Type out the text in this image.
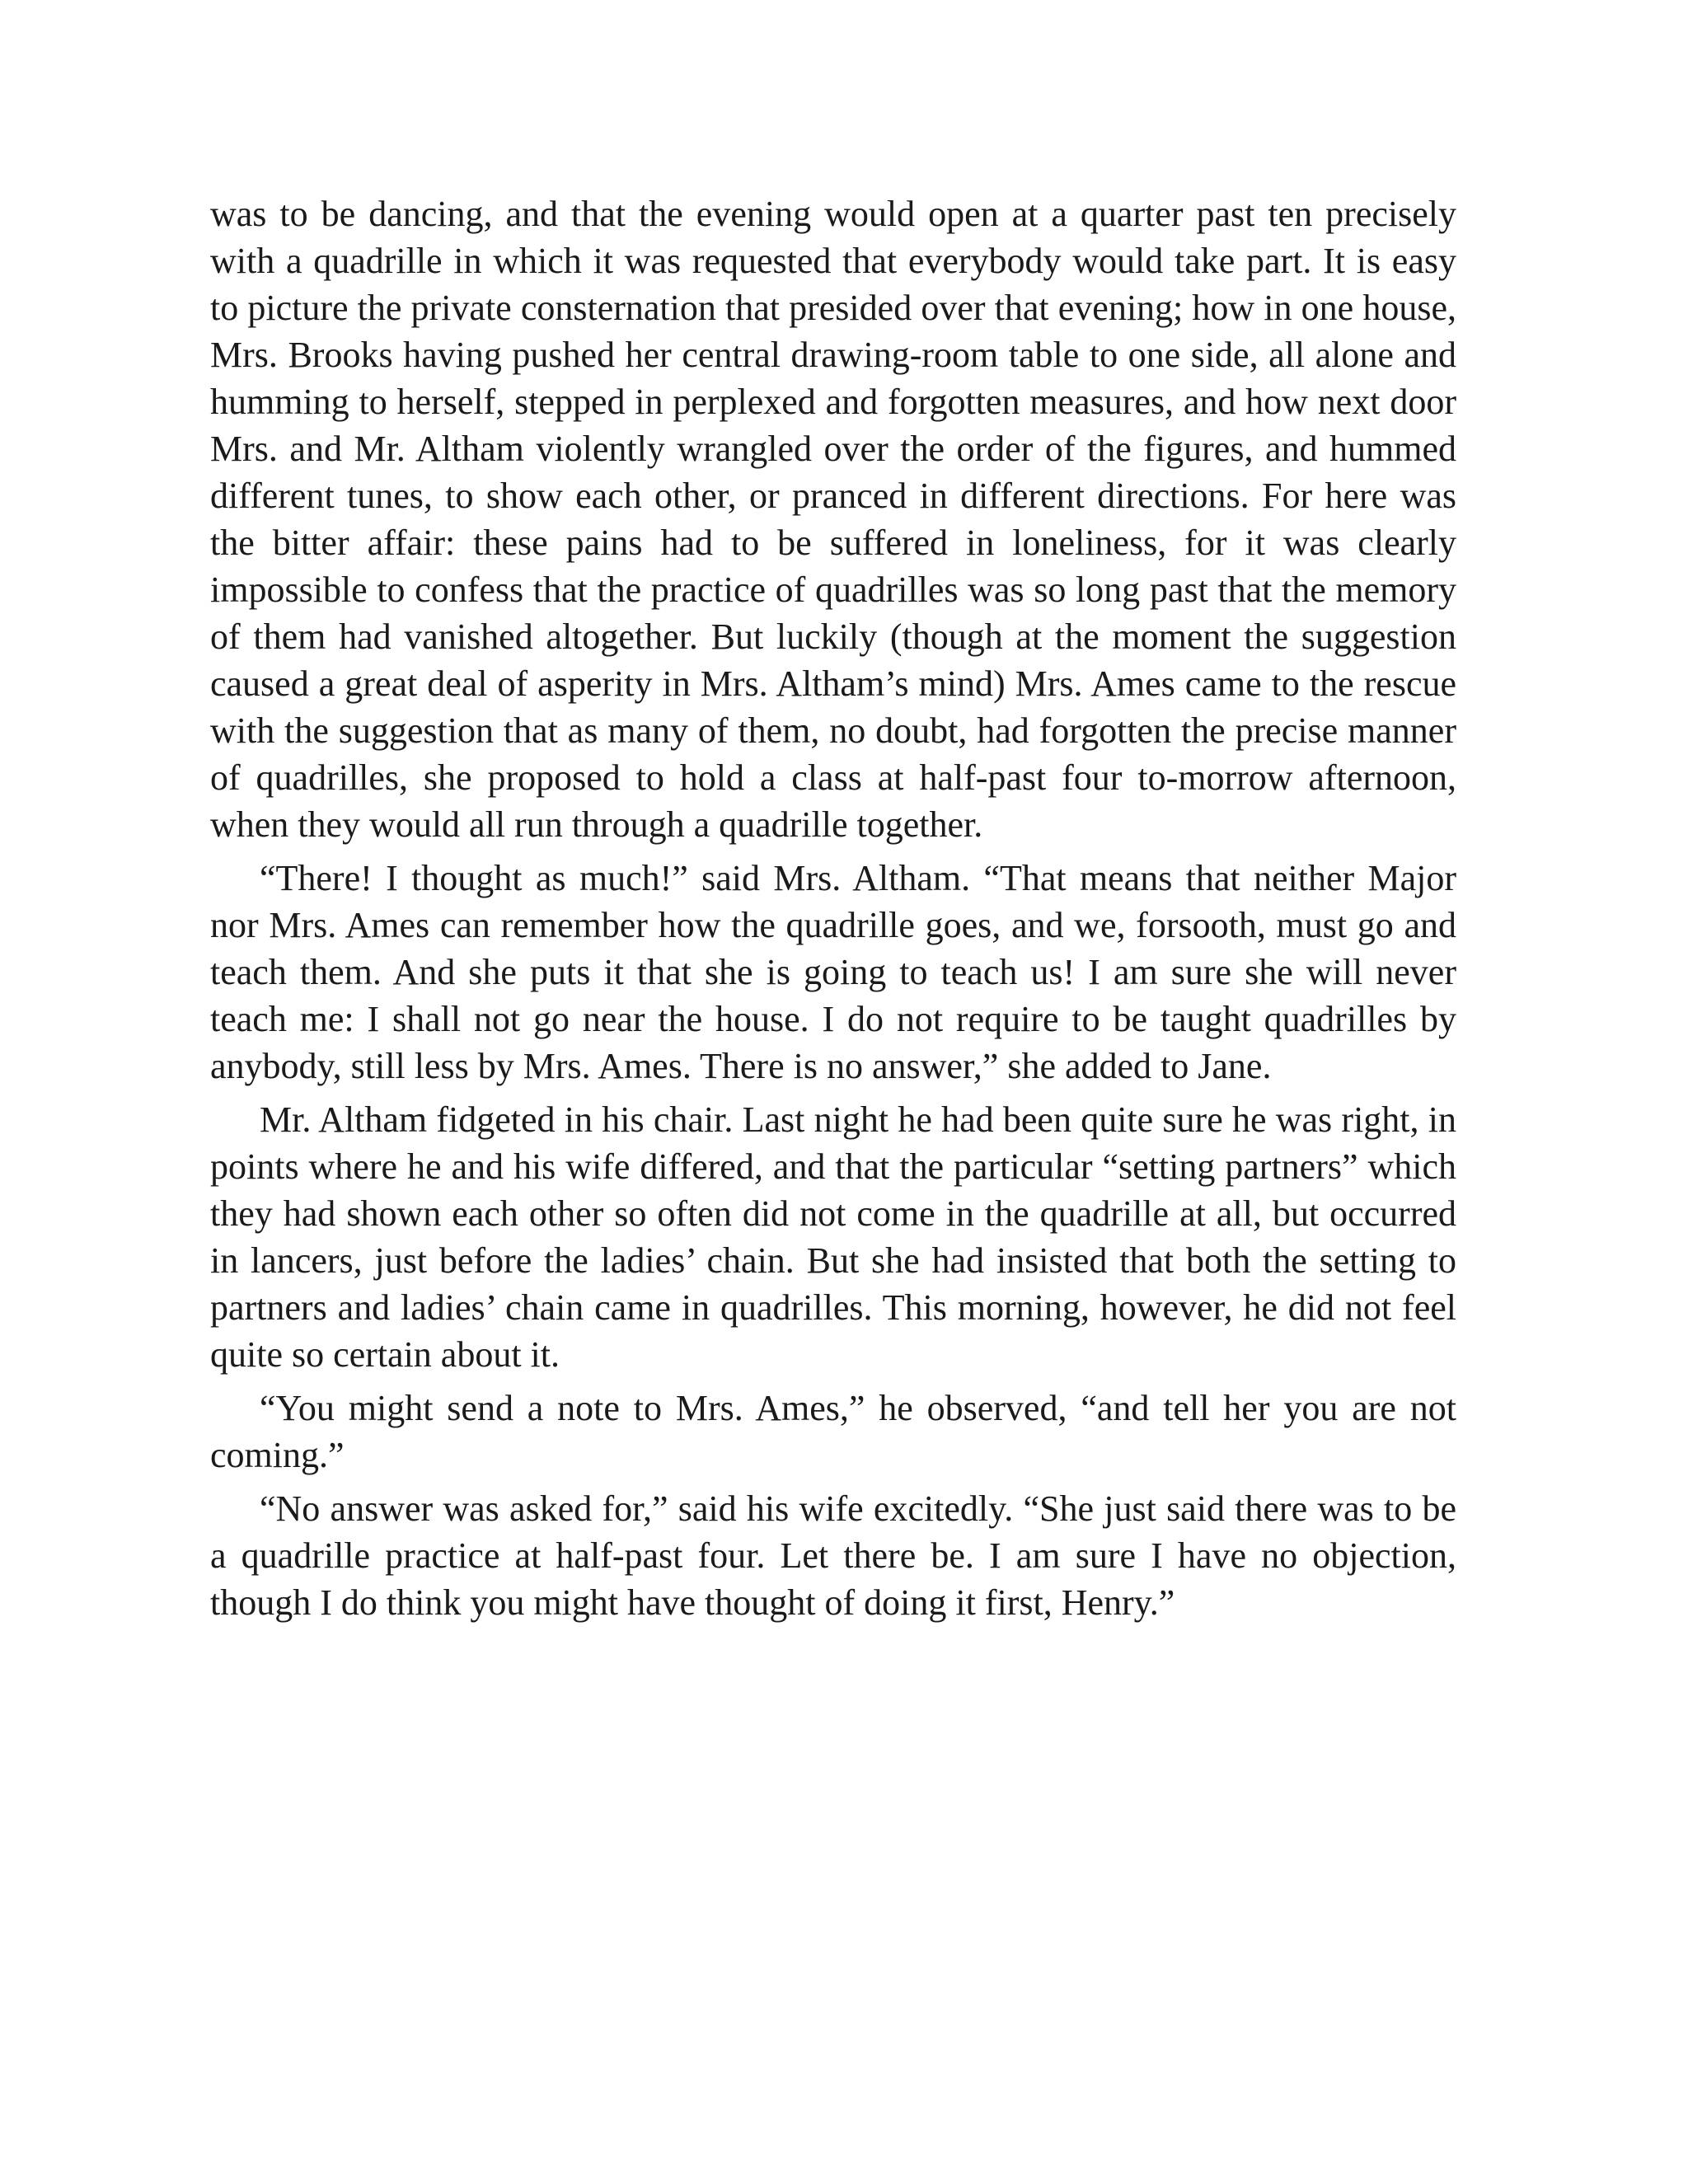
was to be dancing, and that the evening would open at a quarter past ten precisely with a quadrille in which it was requested that everybody would take part. It is easy to picture the private consternation that presided over that evening; how in one house, Mrs. Brooks having pushed her central drawing-room table to one side, all alone and humming to herself, stepped in perplexed and forgotten measures, and how next door Mrs. and Mr. Altham violently wrangled over the order of the figures, and hummed different tunes, to show each other, or pranced in different directions. For here was the bitter affair: these pains had to be suffered in loneliness, for it was clearly impossible to confess that the practice of quadrilles was so long past that the memory of them had vanished altogether. But luckily (though at the moment the suggestion caused a great deal of asperity in Mrs. Altham’s mind) Mrs. Ames came to the rescue with the suggestion that as many of them, no doubt, had forgotten the precise manner of quadrilles, she proposed to hold a class at half-past four to-morrow afternoon, when they would all run through a quadrille together.

“There! I thought as much!” said Mrs. Altham. “That means that neither Major nor Mrs. Ames can remember how the quadrille goes, and we, forsooth, must go and teach them. And she puts it that she is going to teach us! I am sure she will never teach me: I shall not go near the house. I do not require to be taught quadrilles by anybody, still less by Mrs. Ames. There is no answer,” she added to Jane.

Mr. Altham fidgeted in his chair. Last night he had been quite sure he was right, in points where he and his wife differed, and that the particular “setting partners” which they had shown each other so often did not come in the quadrille at all, but occurred in lancers, just before the ladies’ chain. But she had insisted that both the setting to partners and ladies’ chain came in quadrilles. This morning, however, he did not feel quite so certain about it.

“You might send a note to Mrs. Ames,” he observed, “and tell her you are not coming.”

“No answer was asked for,” said his wife excitedly. “She just said there was to be a quadrille practice at half-past four. Let there be. I am sure I have no objection, though I do think you might have thought of doing it first, Henry.”
